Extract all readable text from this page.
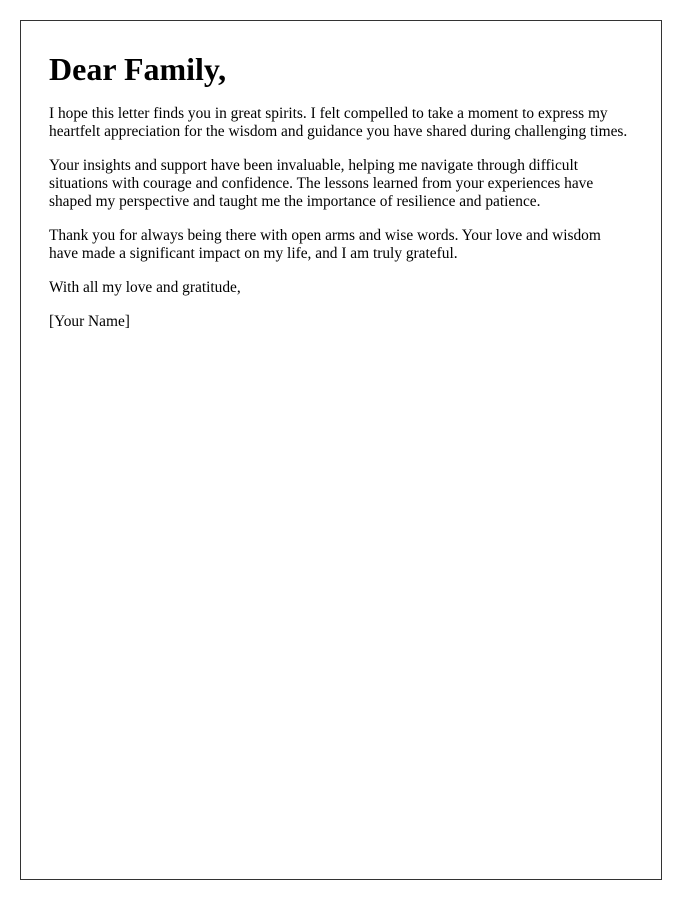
Dear Family,

I hope this letter finds you in great spirits. I felt compelled to take a moment to express my heartfelt appreciation for the wisdom and guidance you have shared during challenging times.

Your insights and support have been invaluable, helping me navigate through difficult situations with courage and confidence. The lessons learned from your experiences have shaped my perspective and taught me the importance of resilience and patience.

Thank you for always being there with open arms and wise words. Your love and wisdom have made a significant impact on my life, and I am truly grateful.

With all my love and gratitude,

[Your Name]
